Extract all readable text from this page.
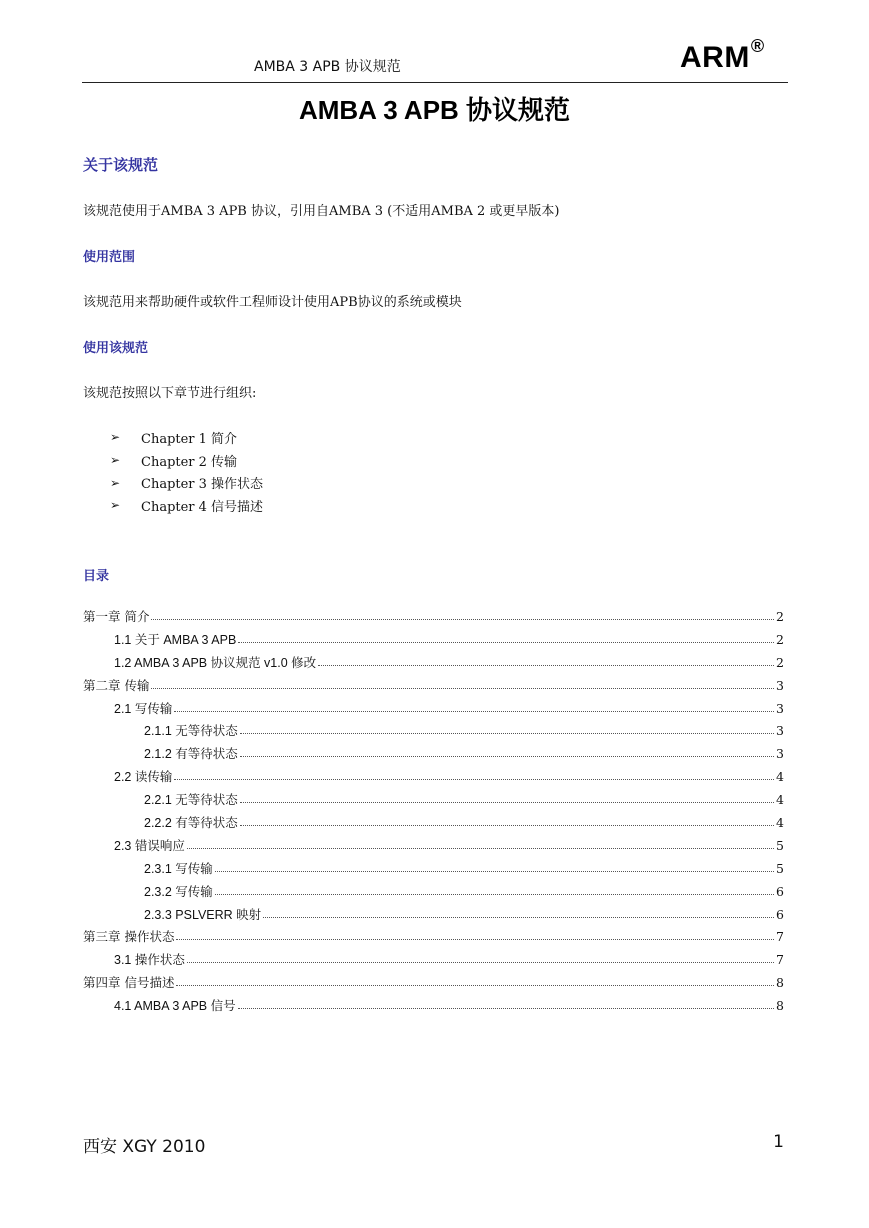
AMBA 3 APB 协议规范	ARM®
AMBA 3 APB 协议规范
关于该规范
该规范使用于AMBA 3 APB 协议，引用自AMBA 3 (不适用AMBA 2 或更早版本)
使用范围
该规范用来帮助硬件或软件工程师设计使用APB协议的系统或模块
使用该规范
该规范按照以下章节进行组织:
➢	Chapter 1 简介
➢	Chapter 2 传输
➢	Chapter 3 操作状态
➢	Chapter 4 信号描述
目录
第一章 简介	2
1.1 关于 AMBA 3 APB	2
1.2 AMBA 3 APB 协议规范 v1.0 修改	2
第二章 传输	3
2.1 写传输	3
2.1.1 无等待状态	3
2.1.2 有等待状态	3
2.2 读传输	4
2.2.1 无等待状态	4
2.2.2 有等待状态	4
2.3 错误响应	5
2.3.1 写传输	5
2.3.2 写传输	6
2.3.3 PSLVERR 映射	6
第三章 操作状态	7
3.1 操作状态	7
第四章 信号描述	8
4.1 AMBA 3 APB 信号	8
西安 XGY 2010	1
